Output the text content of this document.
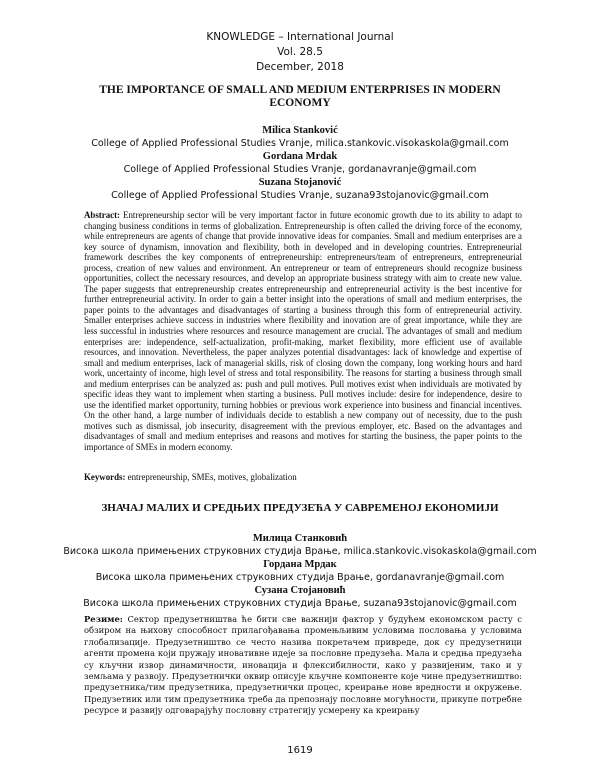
KNOWLEDGE – International Journal
Vol. 28.5
December, 2018
THE IMPORTANCE OF SMALL AND MEDIUM ENTERPRISES IN MODERN
ECONOMY
Milica Stanković
College of Applied Professional Studies Vranje, milica.stankovic.visokaskola@gmail.com
Gordana Mrdak
College of Applied Professional Studies Vranje, gordanavranje@gmail.com
Suzana Stojanović
College of Applied Professional Studies Vranje, suzana93stojanovic@gmail.com
Abstract: Entrepreneurship sector will be very important factor in future economic growth due to its ability to adapt to changing business conditions in terms of globalization. Entrepreneurship is often called the driving force of the economy, while entrepreneurs are agents of change that provide innovative ideas for companies. Small and medium enterprises are a key source of dynamism, innovation and flexibility, both in developed and in developing countries. Entrepreneurial framework describes the key components of entrepreneurship: entrepreneurs/team of entrepreneurs, entrepreneurial process, creation of new values and environment. An entrepreneur or team of entrepreneurs should recognize business opportunities, collect the necessary resources, and develop an appropriate business strategy with aim to create new value. The paper suggests that entrepreneurship creates entrepreneurship and entrepreneurial activity is the best incentive for further entrepreneurial activity. In order to gain a better insight into the operations of small and medium enterprises, the paper points to the advantages and disadvantages of starting a business through this form of entrepreneurial activity. Smaller enterprises achieve success in industries where flexibility and inovation are of great importance, while they are less successful in industries where resources and resource management are crucial. The advantages of small and medium enterprises are: independence, self-actualization, profit-making, market flexibility, more efficient use of available resources, and innovation. Nevertheless, the paper analyzes potential disadvantages: lack of knowledge and expertise of small and medium enterprises, lack of managerial skills, risk of closing down the company, long working hours and hard work, uncertainty of income, high level of stress and total responsibility. The reasons for starting a business through small and medium enterprises can be analyzed as: push and pull motives. Pull motives exist when individuals are motivated by specific ideas they want to implement when starting a business. Pull motives include: desire for independence, desire to use the identified market opportunity, turning hobbies or previous work experience into business and financial incentives. On the other hand, a large number of individuals decide to establish a new company out of necessity, due to the push motives such as dismissal, job insecurity, disagreement with the previous employer, etc. Based on the advantages and disadvantages of small and medium enteprises and reasons and motives for starting the business, the paper points to the importance of SMEs in modern economy.
Keywords: entrepreneurship, SMEs, motives, globalization
ЗНАЧАЈ МАЛИХ И СРЕДЊИХ ПРЕДУЗЕЋА У САВРЕМЕНОЈ ЕКОНОМИЈИ
Милица Станковић
Висока школа примењених струковних студија Врање, milica.stankovic.visokaskola@gmail.com
Гордана Мрдак
Висока школа примењених струковних студија Врање, gordanavranje@gmail.com
Сузана Стојановић
Висока школа примењених струковних студија Врање, suzana93stojanovic@gmail.com
Резиме: Сектор предузетништва ће бити све важнији фактор у будућем економском расту с обзиром на њихову способност прилагођавања промењљивим условима пословања у условима глобализације. Предузетништво се често назива покретачем привреде, док су предузетници агенти промена који пружају иновативне идеје за пословне предузећа. Мала и средња предузећа су кључни извор динамичности, иновација и флексибилности, како у развијеним, тако и у земљама у развоју. Предузетнички оквир описује кључне компоненте које чине предузетништво: предузетника/тим предузетника, предузетнички процес, креирање нове вредности и окружење. Предузетник или тим предузетника треба да препознају пословне могућности, прикупе потребне ресурсе и развију одговарајућу пословну стратегију усмерену ка креирању
1619
